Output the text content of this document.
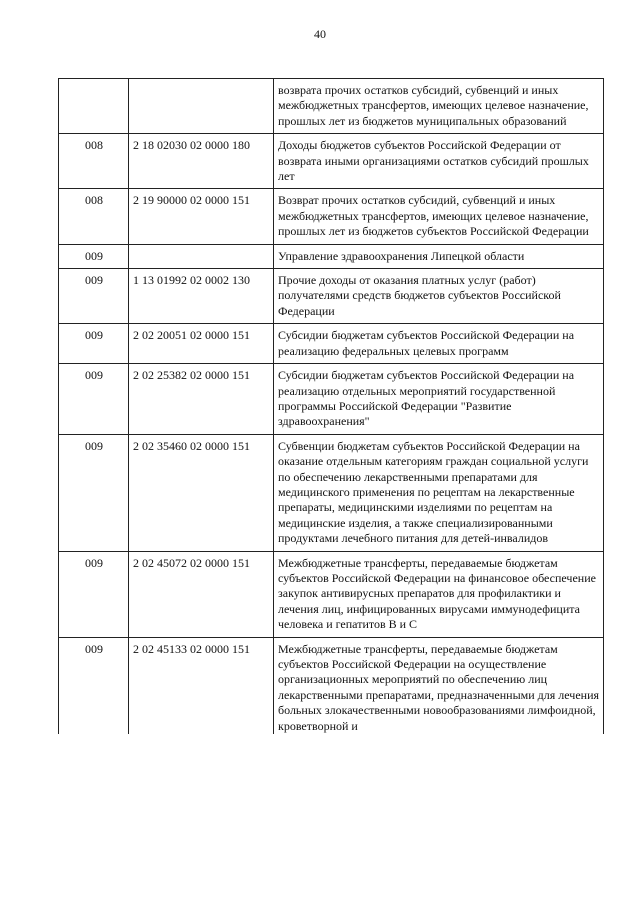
40
		возврата прочих остатков субсидий, субвенций и иных межбюджетных трансфертов, имеющих целевое назначение, прошлых лет из бюджетов муниципальных образований
008	2 18 02030 02 0000 180	Доходы бюджетов субъектов Российской Федерации от возврата иными организациями остатков субсидий прошлых лет
008	2 19 90000 02 0000 151	Возврат прочих остатков субсидий, субвенций и иных межбюджетных трансфертов, имеющих целевое назначение, прошлых лет из бюджетов субъектов Российской Федерации
009		Управление здравоохранения Липецкой области
009	1 13 01992 02 0002 130	Прочие доходы от оказания платных услуг (работ) получателями средств бюджетов субъектов Российской Федерации
009	2 02 20051 02 0000 151	Субсидии бюджетам субъектов Российской Федерации на реализацию федеральных целевых программ
009	2 02 25382 02 0000 151	Субсидии бюджетам субъектов Российской Федерации на реализацию отдельных мероприятий государственной программы Российской Федерации "Развитие здравоохранения"
009	2 02 35460 02 0000 151	Субвенции бюджетам субъектов Российской Федерации на оказание отдельным категориям граждан социальной услуги по обеспечению лекарственными препаратами для медицинского применения по рецептам на лекарственные препараты, медицинскими изделиями по рецептам на медицинские изделия, а также специализированными продуктами лечебного питания для детей-инвалидов
009	2 02 45072 02 0000 151	Межбюджетные трансферты, передаваемые бюджетам субъектов Российской Федерации на финансовое обеспечение закупок антивирусных препаратов для профилактики и лечения лиц, инфицированных вирусами иммунодефицита человека и гепатитов В и С
009	2 02 45133 02 0000 151	Межбюджетные трансферты, передаваемые бюджетам субъектов Российской Федерации на осуществление организационных мероприятий по обеспечению лиц лекарственными препаратами, предназначенными для лечения больных злокачественными новообразованиями лимфоидной, кроветворной и
